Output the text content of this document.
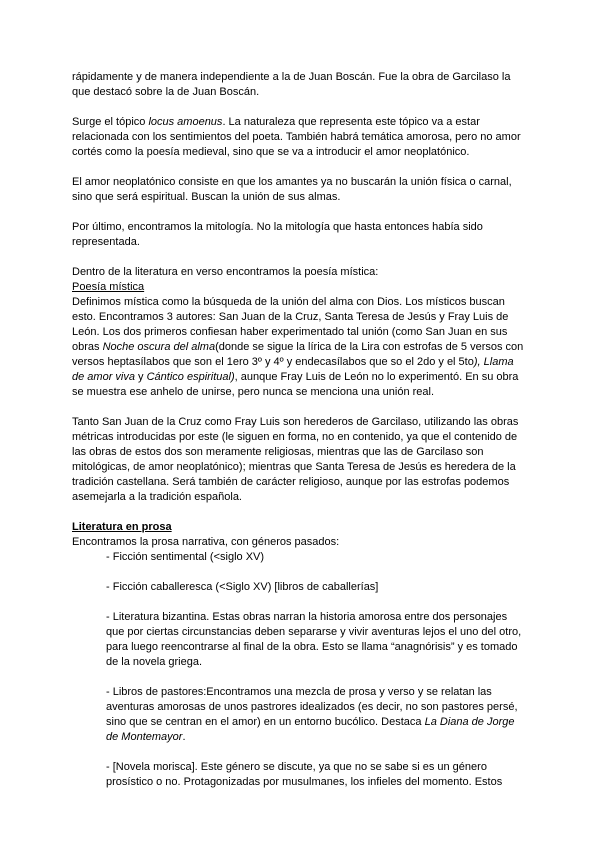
rápidamente y de manera independiente a la de Juan Boscán. Fue la obra de Garcilaso la
que destacó sobre la de Juan Boscán.
Surge el tópico locus amoenus. La naturaleza que representa este tópico va a estar
relacionada con los sentimientos del poeta. También habrá temática amorosa, pero no amor
cortés como la poesía medieval, sino que se va a introducir el amor neoplatónico.
El amor neoplatónico consiste en que los amantes ya no buscarán la unión física o carnal,
sino que será espiritual. Buscan la unión de sus almas.
Por último, encontramos la mitología. No la mitología que hasta entonces había sido
representada.
Dentro de la literatura en verso encontramos la poesía mística:
Poesía mística
Definimos mística como la búsqueda de la unión del alma con Dios. Los místicos buscan
esto. Encontramos 3 autores: San Juan de la Cruz, Santa Teresa de Jesús y Fray Luis de
León. Los dos primeros confiesan haber experimentado tal unión (como San Juan en sus
obras Noche oscura del alma(donde se sigue la lírica de la Lira con estrofas de 5 versos con
versos heptasílabos que son el 1ero 3º y 4º y endecasílabos que so el 2do y el 5to), Llama
de amor viva y Cántico espiritual), aunque Fray Luis de León no lo experimentó. En su obra
se muestra ese anhelo de unirse, pero nunca se menciona una unión real.
Tanto San Juan de la Cruz como Fray Luis son herederos de Garcilaso, utilizando las obras
métricas introducidas por este (le siguen en forma, no en contenido, ya que el contenido de
las obras de estos dos son meramente religiosas, mientras que las de Garcilaso son
mitológicas, de amor neoplatónico); mientras que Santa Teresa de Jesús es heredera de la
tradición castellana. Será también de carácter religioso, aunque por las estrofas podemos
asemejarla a la tradición española.
Literatura en prosa
Encontramos la prosa narrativa, con géneros pasados:
- Ficción sentimental (<siglo XV)
- Ficción caballeresca (<Siglo XV) [libros de caballerías]
- Literatura bizantina. Estas obras narran la historia amorosa entre dos personajes
que por ciertas circunstancias deben separarse y vivir aventuras lejos el uno del otro,
para luego reencontrarse al final de la obra. Esto se llama “anagnórisis” y es tomado
de la novela griega.
- Libros de pastores:Encontramos una mezcla de prosa y verso y se relatan las
aventuras amorosas de unos pastrores idealizados (es decir, no son pastores persé,
sino que se centran en el amor) en un entorno bucólico. Destaca La Diana de Jorge
de Montemayor.
- [Novela morisca]. Este género se discute, ya que no se sabe si es un género
prosístico o no. Protagonizadas por musulmanes, los infieles del momento. Estos
